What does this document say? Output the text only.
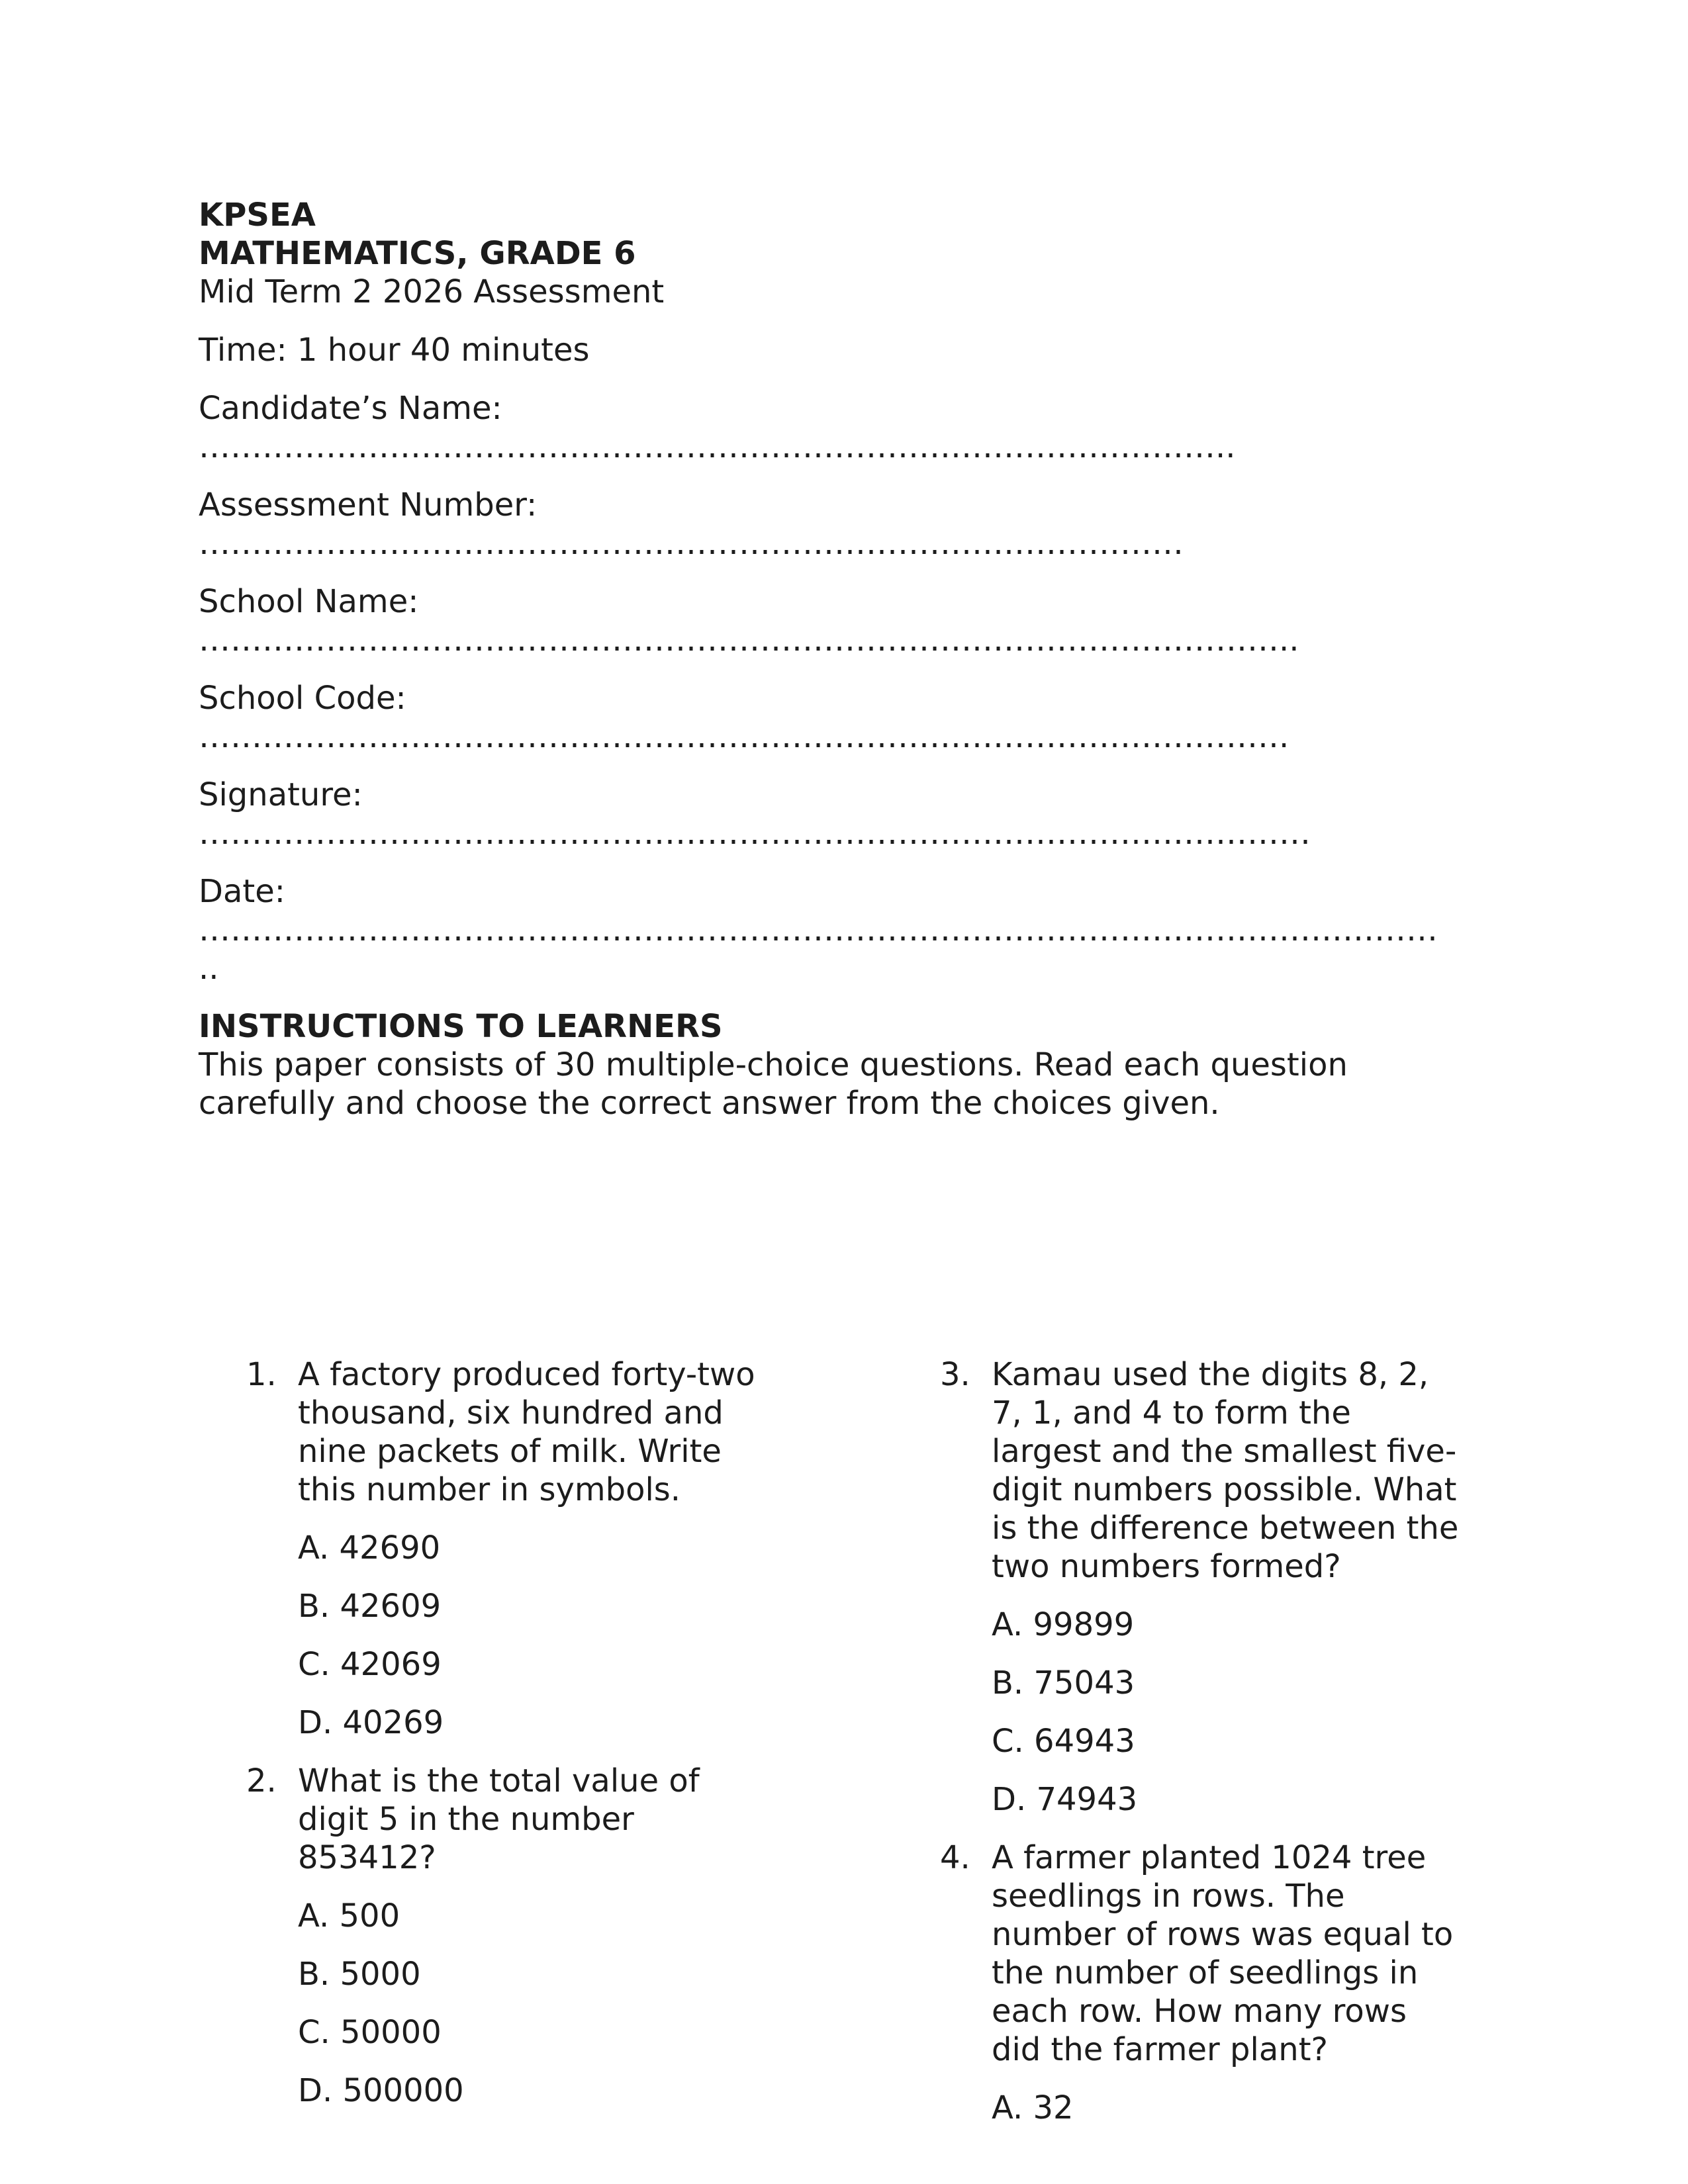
KPSEA
MATHEMATICS, GRADE 6
Mid Term 2 2026 Assessment
Time: 1 hour 40 minutes
Candidate’s Name:
……………………………………………………………………………………..
Assessment Number:
…………………………………………………………………………………
School Name:
…………………………………………………………………………………………..
School Code:
………………………………………………………………………………………….
Signature:
……………………………………………………………………………………………
Date:
………………………………………………………………………………………………………
..
INSTRUCTIONS TO LEARNERS
This paper consists of 30 multiple-choice questions. Read each question carefully and choose the correct answer from the choices given.
1. A factory produced forty-two
thousand, six hundred and
nine packets of milk. Write
this number in symbols.
A. 42690
B. 42609
C. 42069
D. 40269
2. What is the total value of
digit 5 in the number
853412?
A. 500
B. 5000
C. 50000
D. 500000
3. Kamau used the digits 8, 2,
7, 1, and 4 to form the
largest and the smallest five-
digit numbers possible. What
is the difference between the
two numbers formed?
A. 99899
B. 75043
C. 64943
D. 74943
4. A farmer planted 1024 tree
seedlings in rows. The
number of rows was equal to
the number of seedlings in
each row. How many rows
did the farmer plant?
A. 32
